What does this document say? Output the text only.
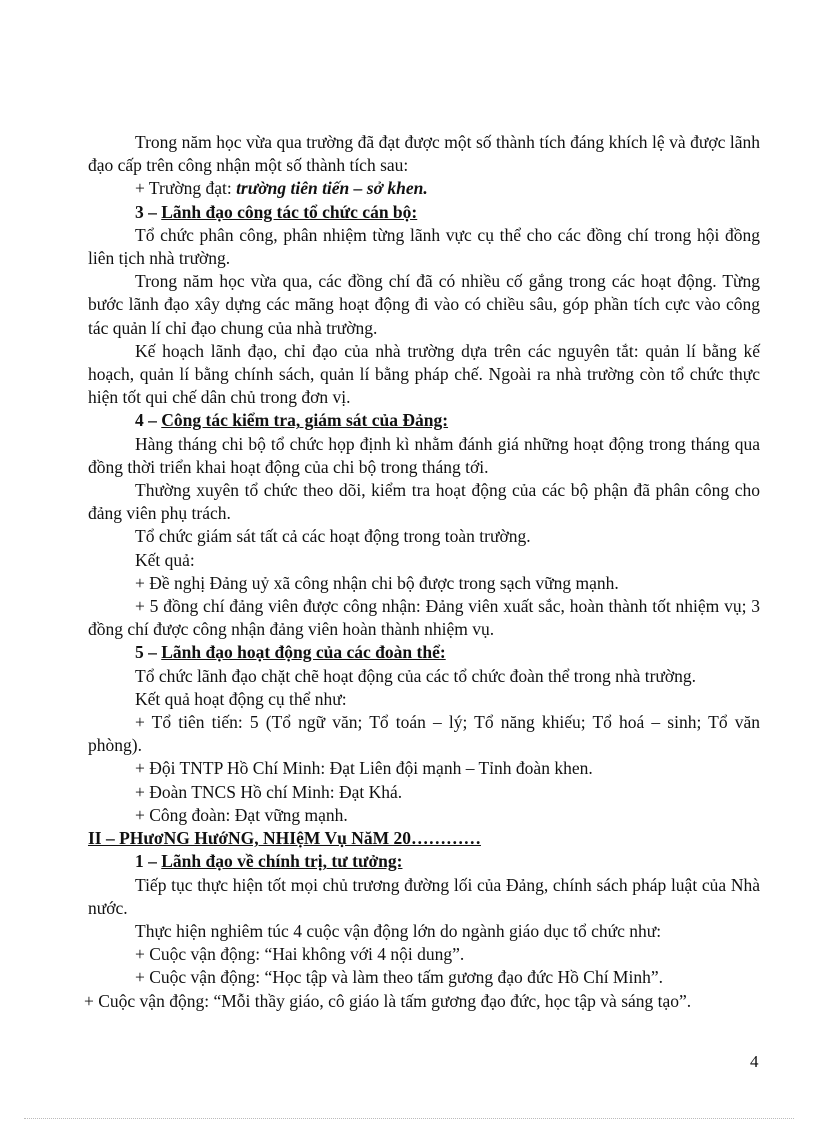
Trong năm học vừa qua trường đã đạt được một số thành tích đáng khích lệ và được lãnh đạo cấp trên công nhận một số thành tích sau:

+ Trường đạt: trường tiên tiến – sở khen.

3 – Lãnh đạo công tác tổ chức cán bộ:

Tổ chức phân công, phân nhiệm từng lãnh vực cụ thể cho các đồng chí trong hội đồng liên tịch nhà trường.

Trong năm học vừa qua, các đồng chí đã có nhiều cố gắng trong các hoạt động. Từng bước lãnh đạo xây dựng các mãng hoạt động đi vào có chiều sâu, góp phần tích cực vào công tác quản lí chỉ đạo chung của nhà trường.

Kế hoạch lãnh đạo, chỉ đạo của nhà trường dựa trên các nguyên tắt: quản lí bằng kế hoạch, quản lí bằng chính sách, quản lí bằng pháp chế. Ngoài ra nhà trường còn tổ chức thực hiện tốt qui chế dân chủ trong đơn vị.

4 – Công tác kiểm tra, giám sát của Đảng:

Hàng tháng chi bộ tổ chức họp định kì nhằm đánh giá những hoạt động trong tháng qua đồng thời triển khai hoạt động của chi bộ trong tháng tới.

Thường xuyên tổ chức theo dõi, kiểm tra hoạt động của các bộ phận đã phân công cho đảng viên phụ trách.

Tổ chức giám sát tất cả các hoạt động trong toàn trường.

Kết quả:

+ Đề nghị Đảng uỷ xã công nhận chi bộ được trong sạch vững mạnh.

+ 5 đồng chí đảng viên được công nhận: Đảng viên xuất sắc, hoàn thành tốt nhiệm vụ; 3 đồng chí được công nhận đảng viên hoàn thành nhiệm vụ.

5 – Lãnh đạo hoạt động của các đoàn thể:

Tổ chức lãnh đạo chặt chẽ hoạt động của các tổ chức đoàn thể trong nhà trường.

Kết quả hoạt động cụ thể như:

+ Tổ tiên tiến: 5 (Tổ ngữ văn; Tổ toán – lý; Tổ năng khiếu; Tổ hoá – sinh; Tổ văn phòng).

+ Đội TNTP Hồ Chí Minh: Đạt Liên đội mạnh – Tỉnh đoàn khen.

+ Đoàn TNCS Hồ chí Minh: Đạt Khá.

+ Công đoàn: Đạt vững mạnh.

II – PHươNG HướNG, NHIệM Vụ NăM 20…………

1 – Lãnh đạo về chính trị, tư tưởng:

Tiếp tục thực hiện tốt mọi chủ trương đường lối của Đảng, chính sách pháp luật của Nhà nước.

Thực hiện nghiêm túc 4 cuộc vận động lớn do ngành giáo dục tổ chức như:

+ Cuộc vận động: “Hai không với 4 nội dung”.

+ Cuộc vận động: “Học tập và làm theo tấm gương đạo đức Hồ Chí Minh”.

+ Cuộc vận động: “Mỗi thầy giáo, cô giáo là tấm gương đạo đức, học tập và sáng tạo”.

4
